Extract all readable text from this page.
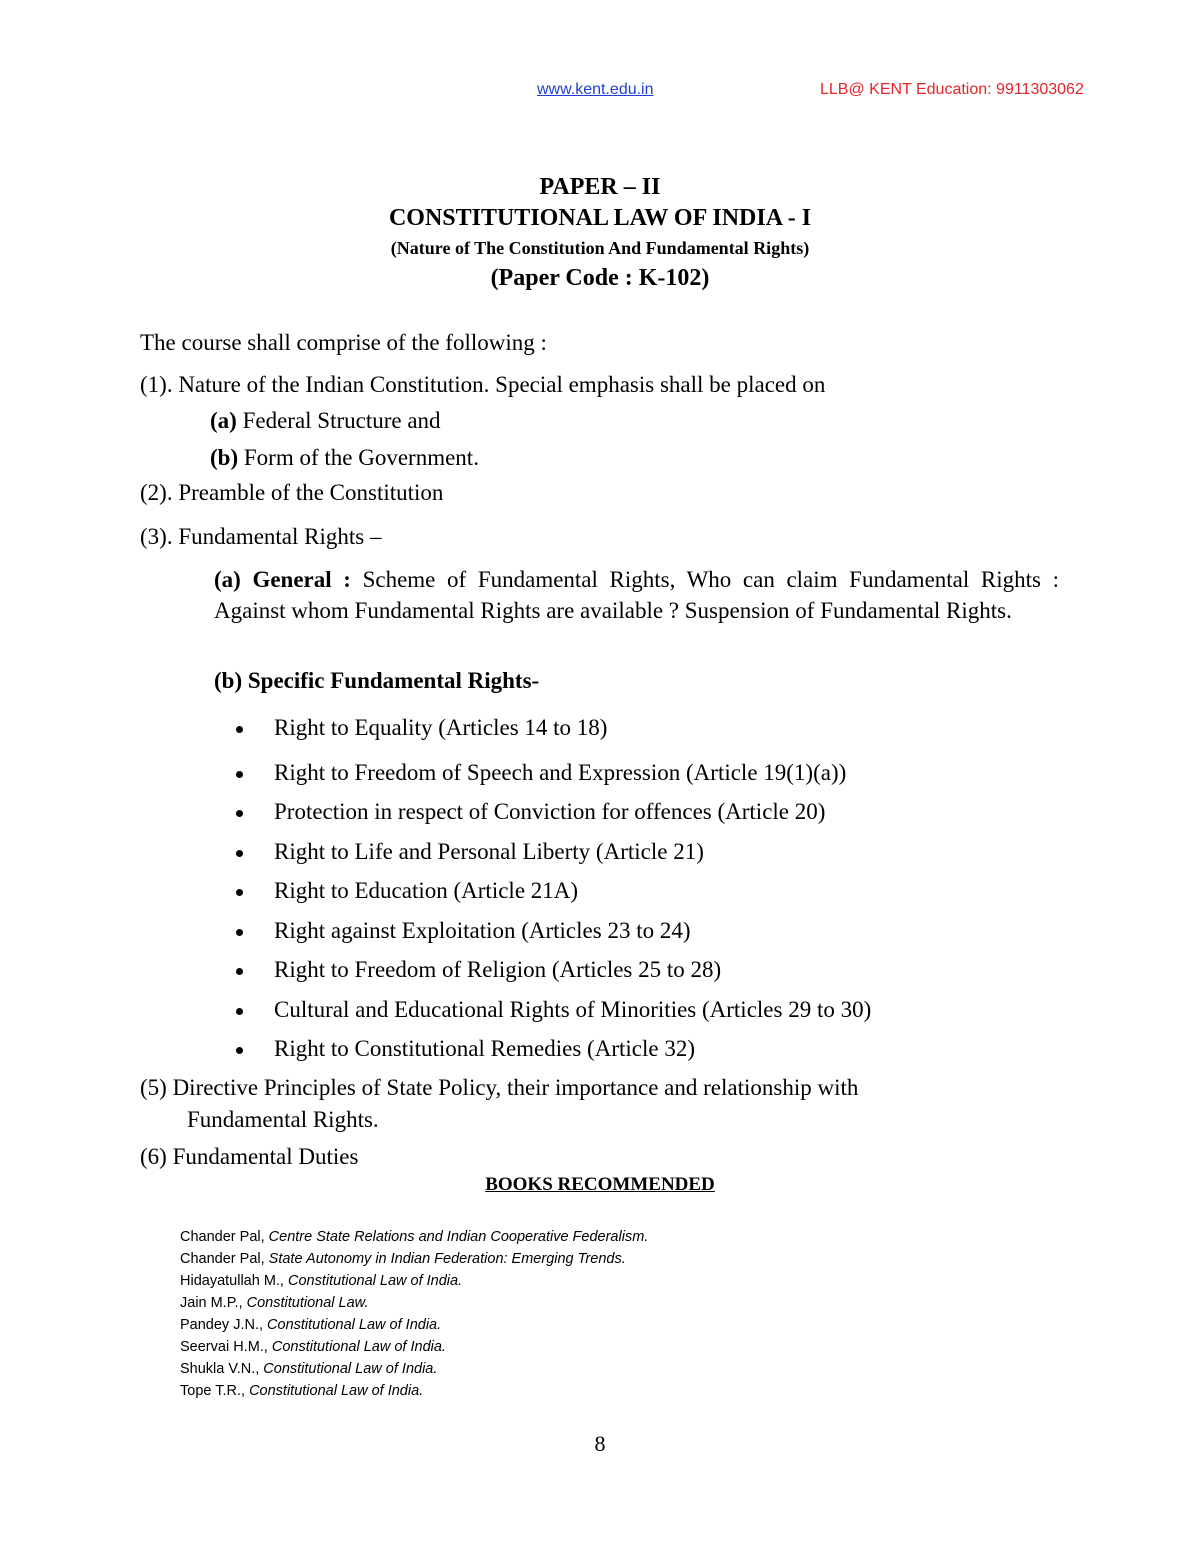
www.kent.edu.in	LLB@ KENT Education: 9911303062
PAPER – II
CONSTITUTIONAL LAW OF INDIA - I
(Nature of The Constitution And Fundamental Rights)
(Paper Code : K-102)
The course shall comprise of the following :
(1). Nature of the Indian Constitution. Special emphasis shall be placed on
(a) Federal Structure and
(b) Form of the Government.
(2). Preamble of the Constitution
(3). Fundamental Rights –
(a) General : Scheme of Fundamental Rights, Who can claim Fundamental Rights : Against whom Fundamental Rights are available ? Suspension of Fundamental Rights.
(b) Specific Fundamental Rights-
Right to Equality (Articles 14 to 18)
Right to Freedom of Speech and Expression (Article 19(1)(a))
Protection in respect of Conviction for offences (Article 20)
Right to Life and Personal Liberty (Article 21)
Right to Education (Article 21A)
Right against Exploitation (Articles 23 to 24)
Right to Freedom of Religion (Articles 25 to 28)
Cultural and Educational Rights of Minorities (Articles 29 to 30)
Right to Constitutional Remedies (Article 32)
(5) Directive Principles of State Policy, their importance and relationship with
Fundamental Rights.
(6) Fundamental Duties
BOOKS RECOMMENDED
Chander Pal, Centre State Relations and Indian Cooperative Federalism.
Chander Pal, State Autonomy in Indian Federation: Emerging Trends.
Hidayatullah M., Constitutional Law of India.
Jain M.P., Constitutional Law.
Pandey J.N., Constitutional Law of India.
Seervai H.M., Constitutional Law of India.
Shukla V.N., Constitutional Law of India.
Tope T.R., Constitutional Law of India.
8
